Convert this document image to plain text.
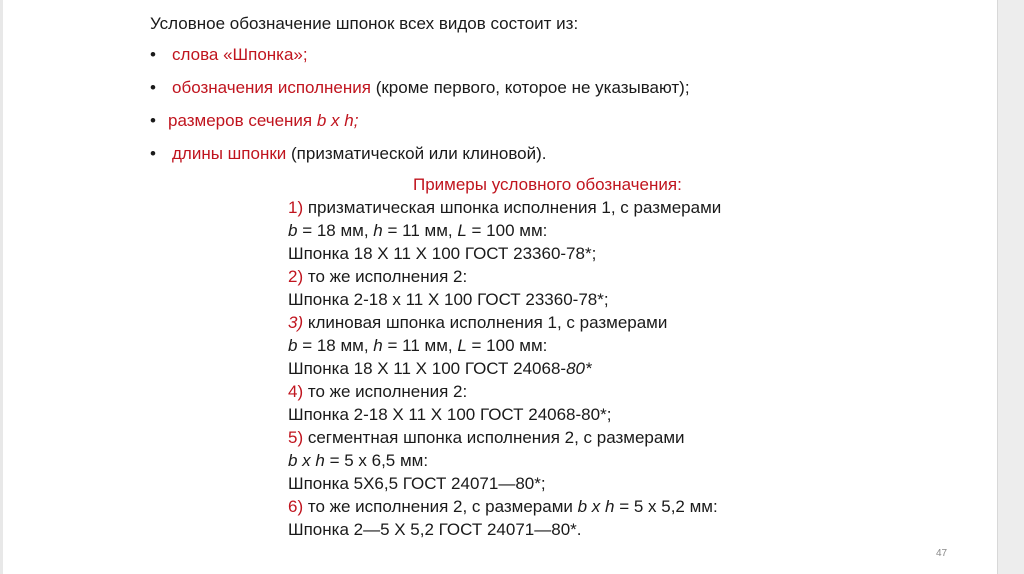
Условное обозначение шпонок всех видов состоит из:
• слова «Шпонка»;
• обозначения исполнения (кроме первого, которое не указывают);
• размеров сечения b x h;
• длины шпонки (призматической или клиновой).
Примеры условного обозначения:
1) призматическая шпонка исполнения 1, с размерами
b = 18 мм, h = 11 мм, L = 100 мм:
Шпонка 18 Х 11 Х 100 ГОСТ 23360-78*;
2) то же исполнения 2:
Шпонка 2-18 х 11 Х 100 ГОСТ 23360-78*;
3) клиновая шпонка исполнения 1, с размерами
b = 18 мм, h = 11 мм, L = 100 мм:
Шпонка 18 Х 11 Х 100 ГОСТ 24068-80*
4) то же исполнения 2:
Шпонка 2-18 Х 11 Х 100 ГОСТ 24068-80*;
5) сегментная шпонка исполнения 2, с размерами
b x h = 5 х 6,5 мм:
Шпонка 5Х6,5 ГОСТ 24071—80*;
6) то же исполнения 2, с размерами b x h = 5 х 5,2 мм:
Шпонка 2—5 Х 5,2 ГОСТ 24071—80*.
47
